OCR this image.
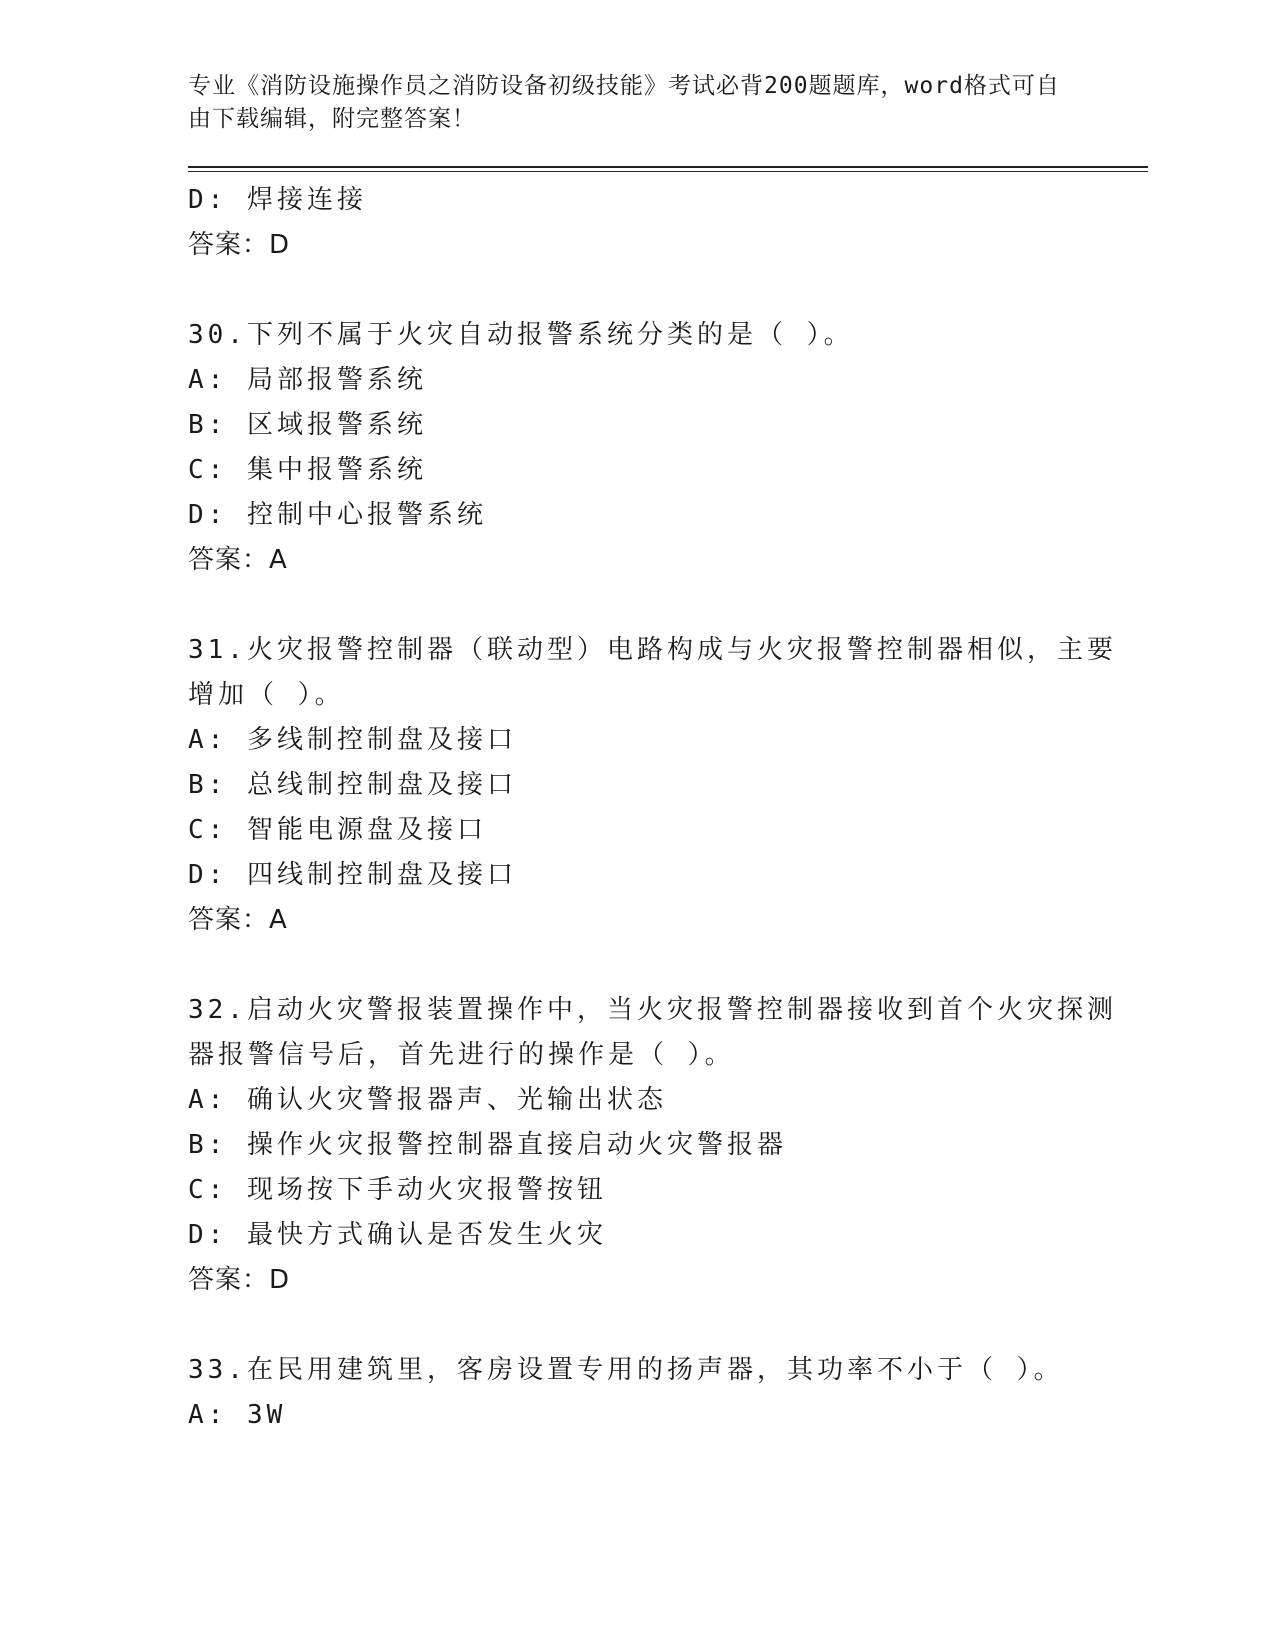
专业《消防设施操作员之消防设备初级技能》考试必背200题题库，word格式可自由下载编辑，附完整答案！

D: 焊接连接

答案：D

30.下列不属于火灾自动报警系统分类的是（ ）。

A: 局部报警系统

B: 区域报警系统

C: 集中报警系统

D: 控制中心报警系统

答案：A

31.火灾报警控制器（联动型）电路构成与火灾报警控制器相似，主要

增加（ ）。

A: 多线制控制盘及接口

B: 总线制控制盘及接口

C: 智能电源盘及接口

D: 四线制控制盘及接口

答案：A

32.启动火灾警报装置操作中，当火灾报警控制器接收到首个火灾探测

器报警信号后，首先进行的操作是（ ）。

A: 确认火灾警报器声、光输出状态

B: 操作火灾报警控制器直接启动火灾警报器

C: 现场按下手动火灾报警按钮

D: 最快方式确认是否发生火灾

答案：D

33.在民用建筑里，客房设置专用的扬声器，其功率不小于（ ）。

A: 3W
